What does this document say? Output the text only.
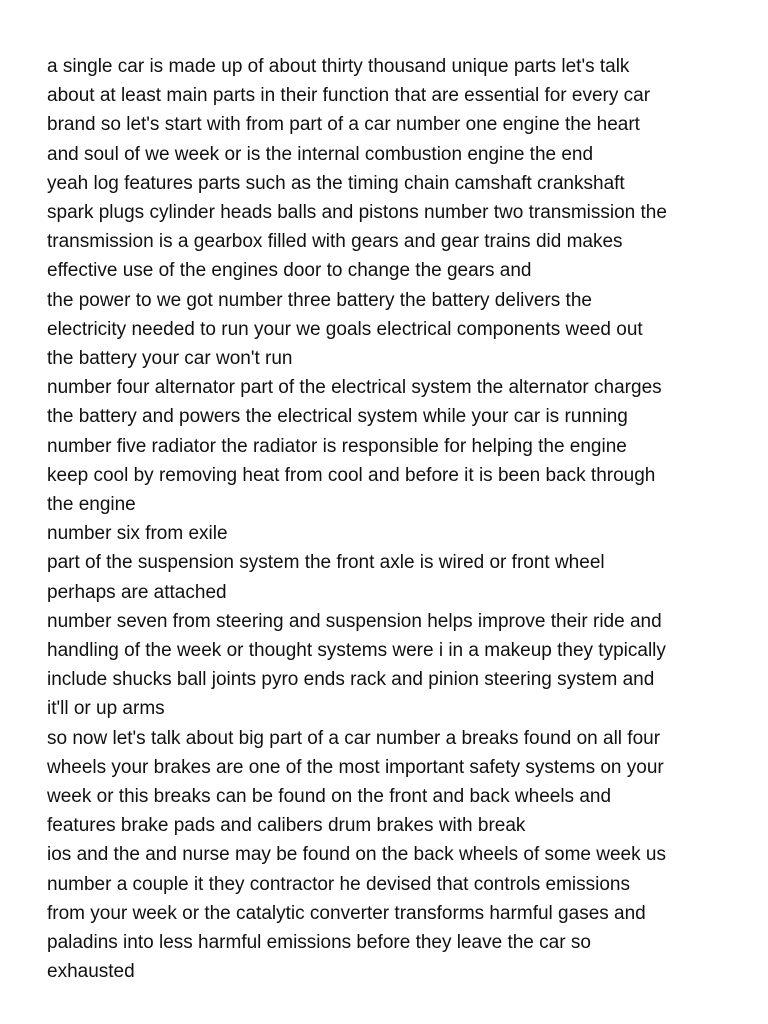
a single car is made up of about thirty thousand unique parts let's talk
about at least main parts in their function that are essential for every car
brand so let's start with from part of a car number one engine the heart
and soul of we week or is the internal combustion engine the end
yeah log features parts such as the timing chain camshaft crankshaft
spark plugs cylinder heads balls and pistons number two transmission the
transmission is a gearbox filled with gears and gear trains did makes
effective use of the engines door to change the gears and
the power to we got number three battery the battery delivers the
electricity needed to run your we goals electrical components weed out
the battery your car won't run
number four alternator part of the electrical system the alternator charges
the battery and powers the electrical system while your car is running
number five radiator the radiator is responsible for helping the engine
keep cool by removing heat from cool and before it is been back through
the engine
number six from exile
part of the suspension system the front axle is wired or front wheel
perhaps are attached
number seven from steering and suspension helps improve their ride and
handling of the week or thought systems were i in a makeup they typically
include shucks ball joints pyro ends rack and pinion steering system and
it'll or up arms
so now let's talk about big part of a car number a breaks found on all four
wheels your brakes are one of the most important safety systems on your
week or this breaks can be found on the front and back wheels and
features brake pads and calibers drum brakes with break
ios and the and nurse may be found on the back wheels of some week us
number a couple it they contractor he devised that controls emissions
from your week or the catalytic converter transforms harmful gases and
paladins into less harmful emissions before they leave the car so
exhausted
